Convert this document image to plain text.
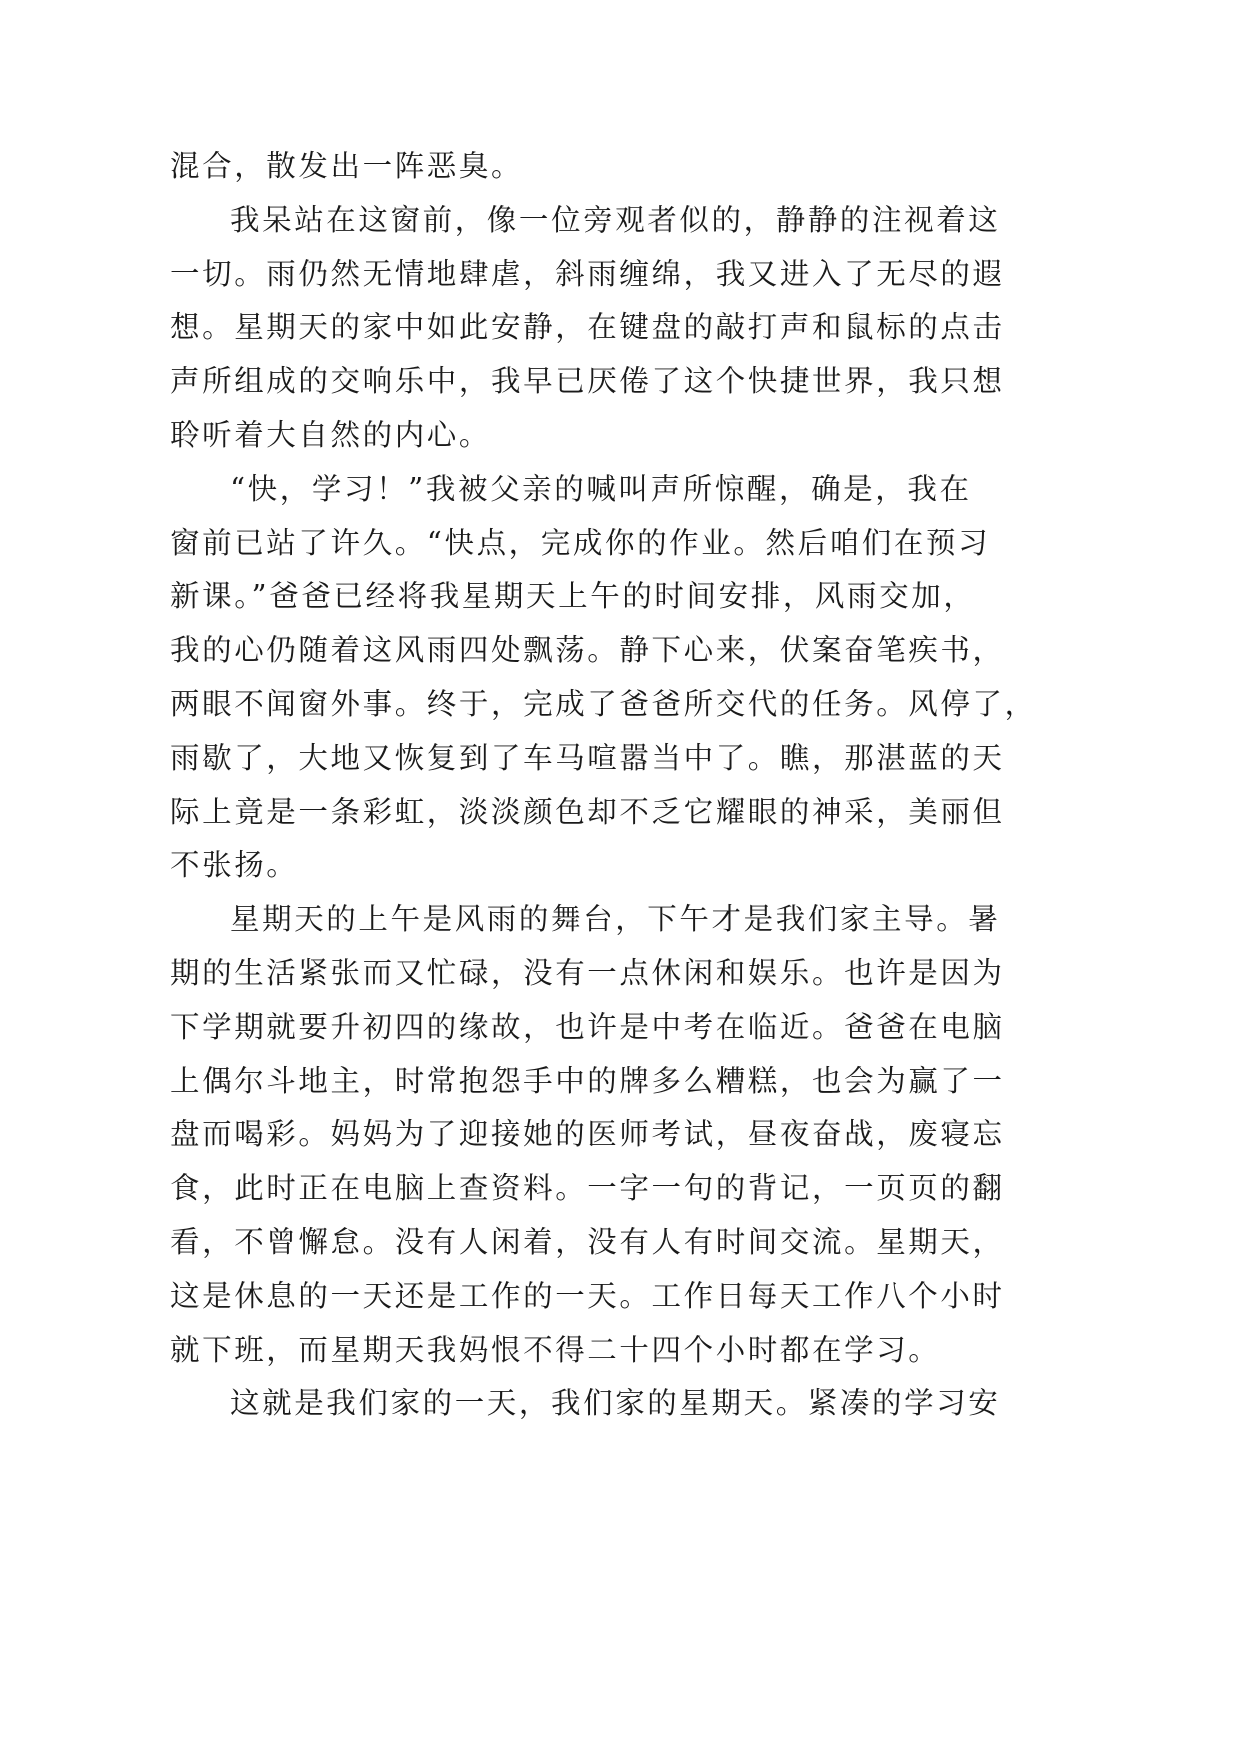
混合，散发出一阵恶臭。
我呆站在这窗前，像一位旁观者似的，静静的注视着这
一切。雨仍然无情地肆虐，斜雨缠绵，我又进入了无尽的遐
想。星期天的家中如此安静，在键盘的敲打声和鼠标的点击
声所组成的交响乐中，我早已厌倦了这个快捷世界，我只想
聆听着大自然的内心。
“快，学习！”我被父亲的喊叫声所惊醒，确是，我在
窗前已站了许久。“快点，完成你的作业。然后咱们在预习
新课。”爸爸已经将我星期天上午的时间安排，风雨交加，
我的心仍随着这风雨四处飘荡。静下心来，伏案奋笔疾书，
两眼不闻窗外事。终于，完成了爸爸所交代的任务。风停了，
雨歇了，大地又恢复到了车马喧嚣当中了。瞧，那湛蓝的天
际上竟是一条彩虹，淡淡颜色却不乏它耀眼的神采，美丽但
不张扬。
星期天的上午是风雨的舞台，下午才是我们家主导。暑
期的生活紧张而又忙碌，没有一点休闲和娱乐。也许是因为
下学期就要升初四的缘故，也许是中考在临近。爸爸在电脑
上偶尔斗地主，时常抱怨手中的牌多么糟糕，也会为赢了一
盘而喝彩。妈妈为了迎接她的医师考试，昼夜奋战，废寝忘
食，此时正在电脑上查资料。一字一句的背记，一页页的翻
看，不曾懈怠。没有人闲着，没有人有时间交流。星期天，
这是休息的一天还是工作的一天。工作日每天工作八个小时
就下班，而星期天我妈恨不得二十四个小时都在学习。
这就是我们家的一天，我们家的星期天。紧凑的学习安
